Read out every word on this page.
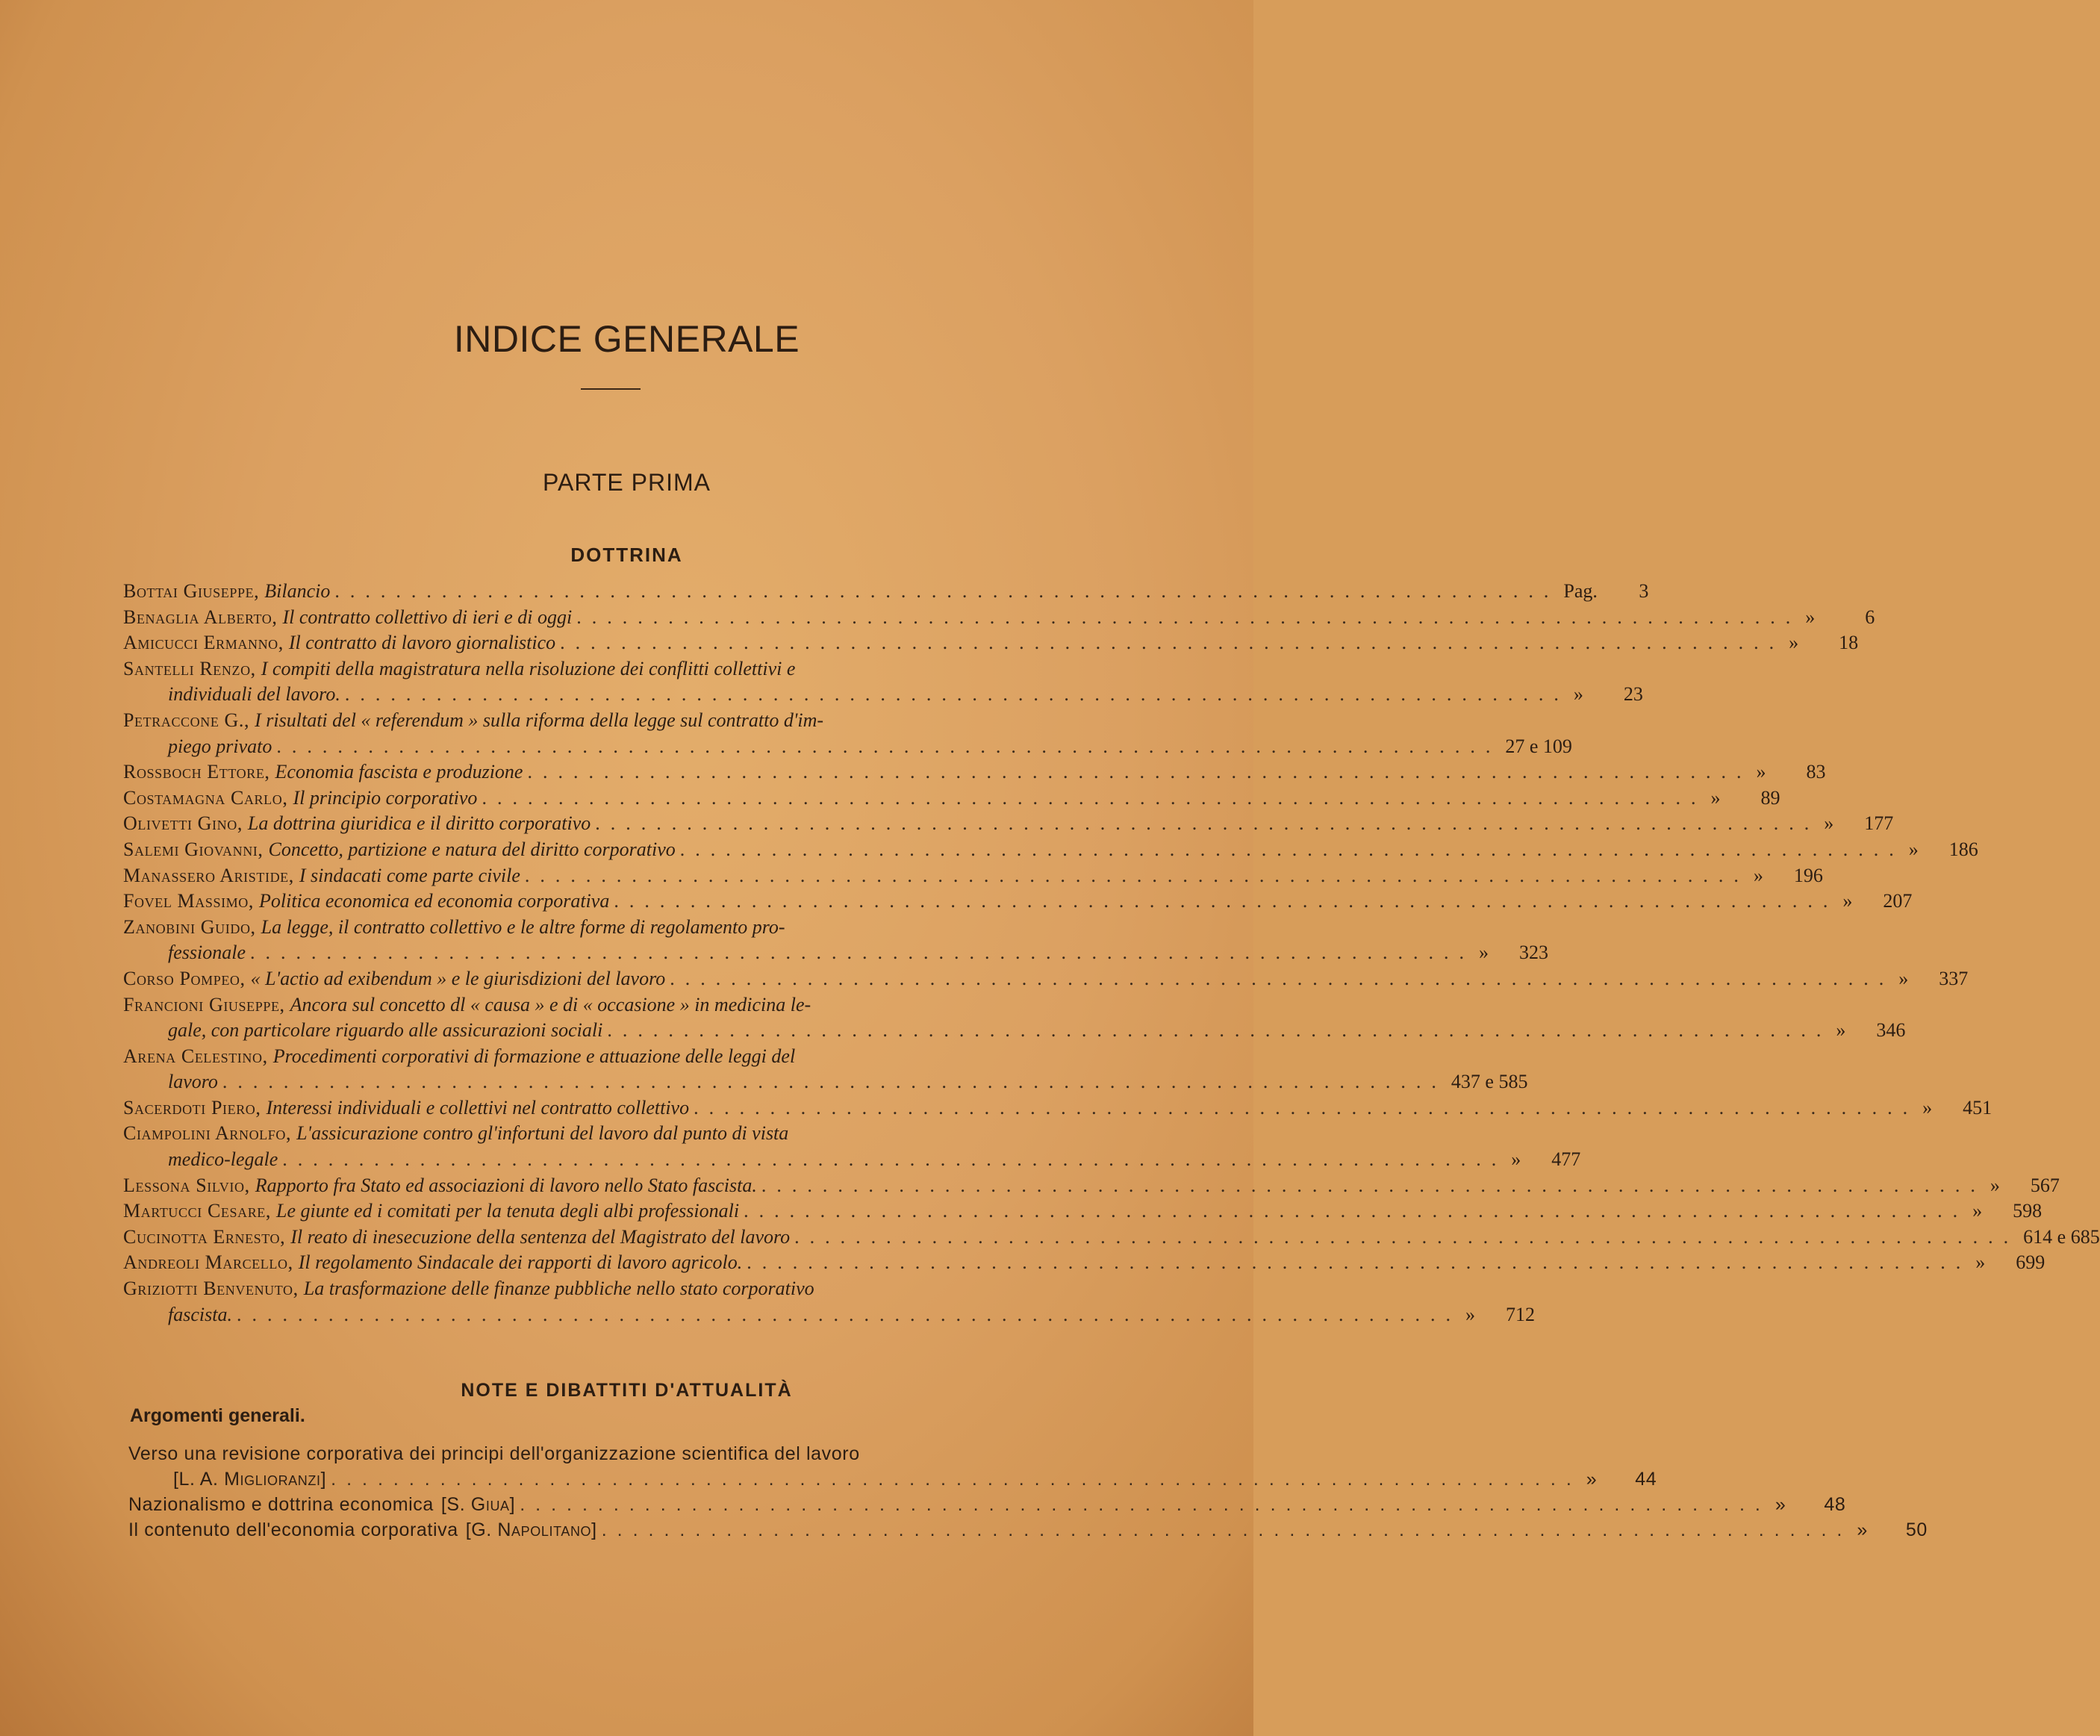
INDICE GENERALE
PARTE PRIMA
DOTTRINA
Bottai Giuseppe, Bilancio ................................................................................ Pag.	3
Benaglia Alberto, Il contratto collettivo di ieri e di oggi ................................................................................ »	6
Amicucci Ermanno, Il contratto di lavoro giornalistico ................................................................................ »	18
Santelli Renzo, I compiti della magistratura nella risoluzione dei conflitti collettivi e
individuali del lavoro. ................................................................................ »	23
Petraccone G., I risultati del « referendum » sulla riforma della legge sul contratto d'im-
piego privato ................................................................................ 27 e 109
Rossboch Ettore, Economia fascista e produzione ................................................................................ »	83
Costamagna Carlo, Il principio corporativo ................................................................................ »	89
Olivetti Gino, La dottrina giuridica e il diritto corporativo ................................................................................ »	177
Salemi Giovanni, Concetto, partizione e natura del diritto corporativo ................................................................................ »	186
Manassero Aristide, I sindacati come parte civile ................................................................................ »	196
Fovel Massimo, Politica economica ed economia corporativa ................................................................................ »	207
Zanobini Guido, La legge, il contratto collettivo e le altre forme di regolamento pro-
fessionale ................................................................................ »	323
Corso Pompeo, « L'actio ad exibendum » e le giurisdizioni del lavoro ................................................................................ »	337
Francioni Giuseppe, Ancora sul concetto dl « causa » e di « occasione » in medicina le-
gale, con particolare riguardo alle assicurazioni sociali ................................................................................ »	346
Arena Celestino, Procedimenti corporativi di formazione e attuazione delle leggi del
lavoro ................................................................................ 437 e 585
Sacerdoti Piero, Interessi individuali e collettivi nel contratto collettivo ................................................................................ »	451
Ciampolini Arnolfo, L'assicurazione contro gl'infortuni del lavoro dal punto di vista
medico-legale ................................................................................ »	477
Lessona Silvio, Rapporto fra Stato ed associazioni di lavoro nello Stato fascista. ................................................................................ »	567
Martucci Cesare, Le giunte ed i comitati per la tenuta degli albi professionali ................................................................................ »	598
Cucinotta Ernesto, Il reato di inesecuzione della sentenza del Magistrato del lavoro ................................................................................ 614 e 685
Andreoli Marcello, Il regolamento Sindacale dei rapporti di lavoro agricolo. ................................................................................ »	699
Griziotti Benvenuto, La trasformazione delle finanze pubbliche nello stato corporativo
fascista. ................................................................................ »	712
NOTE E DIBATTITI D'ATTUALITÀ
Argomenti generali.
Verso una revisione corporativa dei principi dell'organizzazione scientifica del lavoro
[L. A. Miglioranzi] ................................................................................ »	44
Nazionalismo e dottrina economica [S. Giua] ................................................................................ »	48
Il contenuto dell'economia corporativa [G. Napolitano] ................................................................................ »	50
